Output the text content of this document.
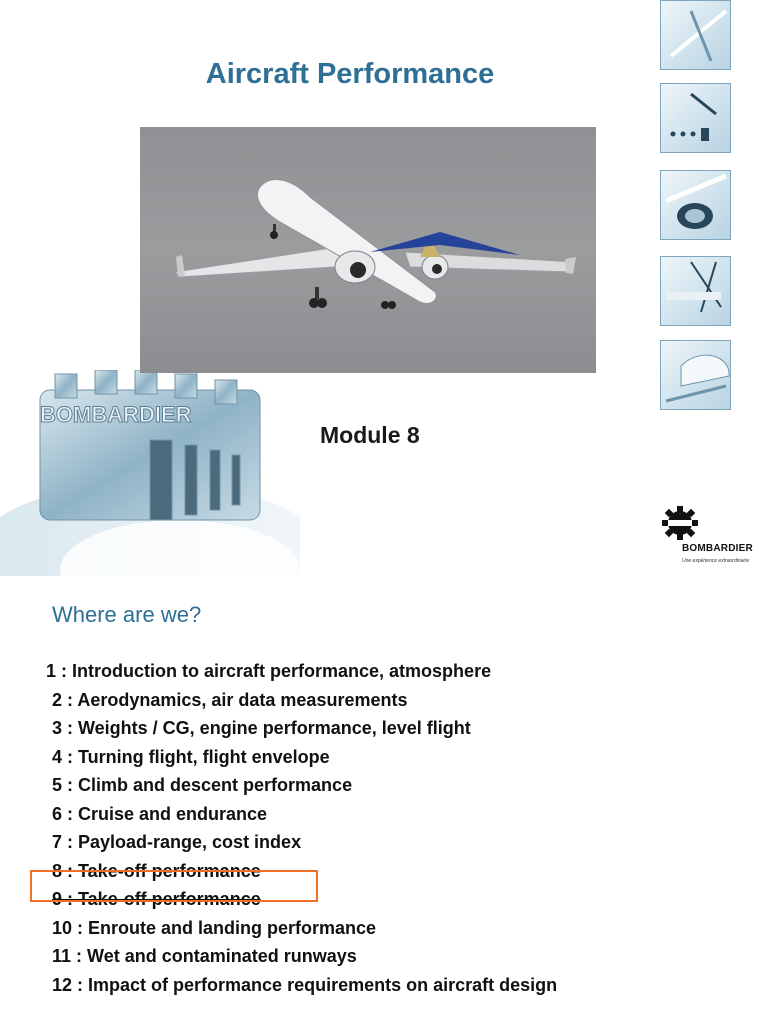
BOMBARDIER
Aircraft Performance
Module 8
BOMBARDIER
Une expérience extraordinaire
Where are we?
1 : Introduction to aircraft performance, atmosphere
2 : Aerodynamics, air data measurements
3 : Weights / CG, engine performance, level flight
4 : Turning flight, flight envelope
5 : Climb and descent performance
6 : Cruise and endurance
7 : Payload-range, cost index
8 : Take-off performance
9 : Take-off performance
10 : Enroute and landing performance
11 : Wet and contaminated runways
12 : Impact of performance requirements on aircraft design
